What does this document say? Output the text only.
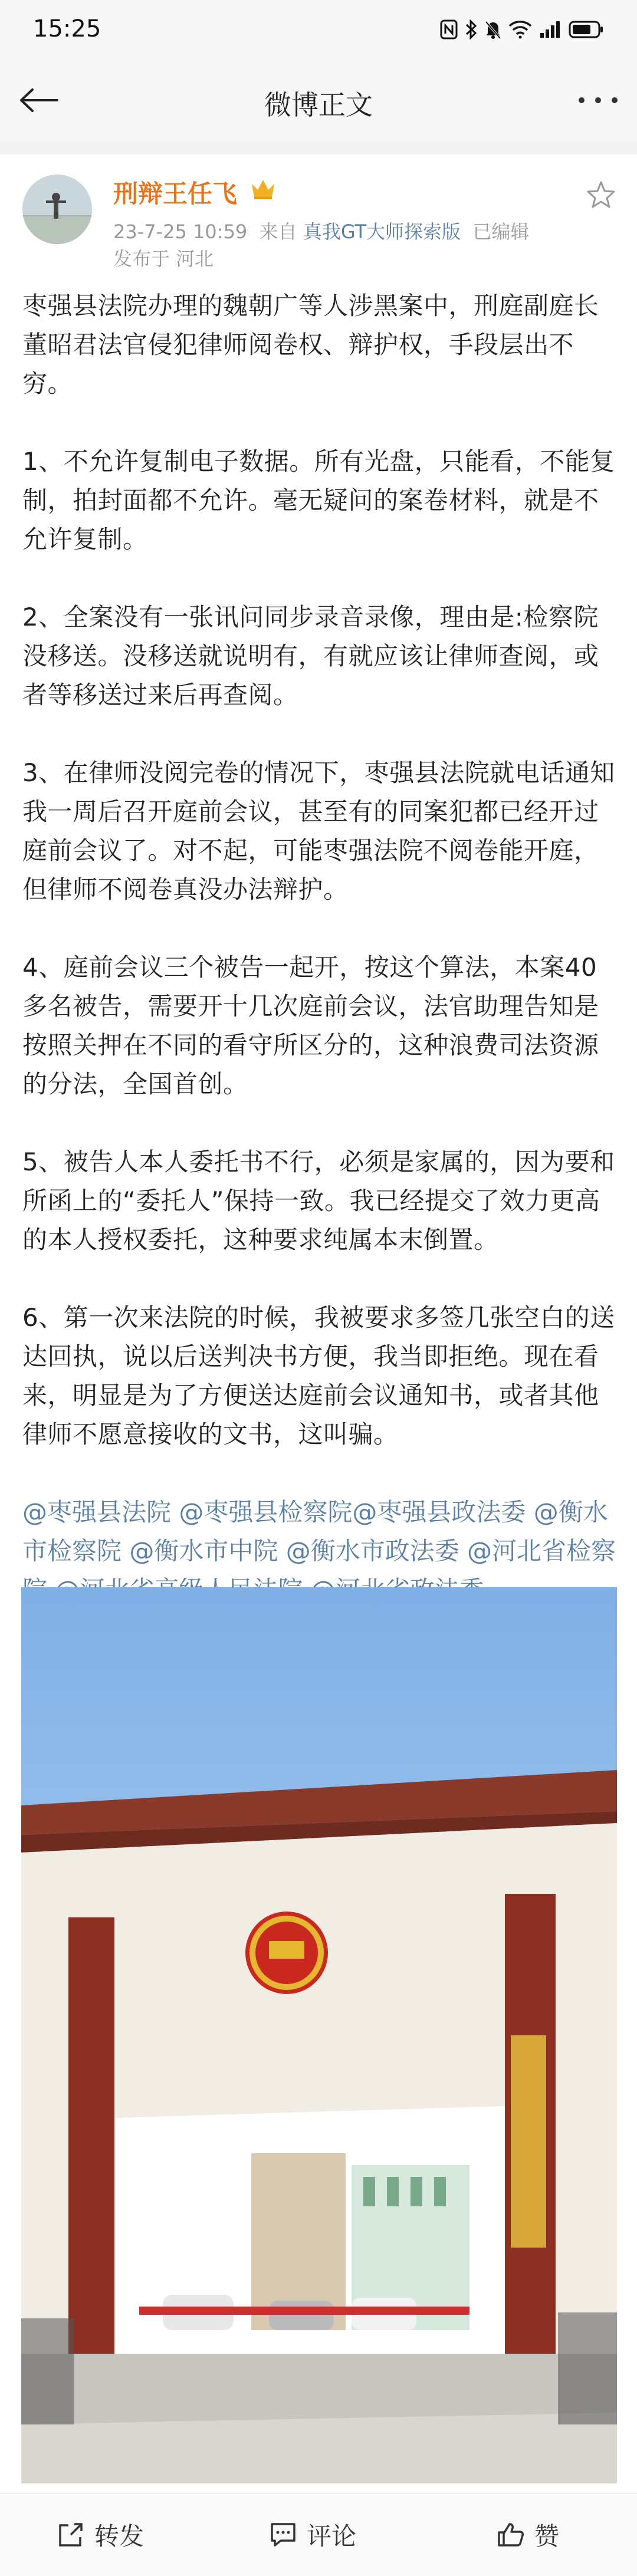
15:25
微博正文
刑辩王任飞
23-7-25 10:59 来自 真我GT大师探索版 已编辑
发布于 河北

枣强县法院办理的魏朝广等人涉黑案中，刑庭副庭长董昭君法官侵犯律师阅卷权、辩护权，手段层出不穷。

1、不允许复制电子数据。所有光盘，只能看，不能复制，拍封面都不允许。毫无疑问的案卷材料，就是不允许复制。

2、全案没有一张讯问同步录音录像，理由是:检察院没移送。没移送就说明有，有就应该让律师查阅，或者等移送过来后再查阅。

3、在律师没阅完卷的情况下，枣强县法院就电话通知我一周后召开庭前会议，甚至有的同案犯都已经开过庭前会议了。对不起，可能枣强法院不阅卷能开庭，但律师不阅卷真没办法辩护。

4、庭前会议三个被告一起开，按这个算法，本案40多名被告，需要开十几次庭前会议，法官助理告知是按照关押在不同的看守所区分的，这种浪费司法资源的分法，全国首创。

5、被告人本人委托书不行，必须是家属的，因为要和所函上的“委托人”保持一致。我已经提交了效力更高的本人授权委托，这种要求纯属本末倒置。

6、第一次来法院的时候，我被要求多签几张空白的送达回执，说以后送判决书方便，我当即拒绝。现在看来，明显是为了方便送达庭前会议通知书，或者其他律师不愿意接收的文书，这叫骗。

@枣强县法院 @枣强县检察院@枣强县政法委 @衡水市检察院 @衡水市中院 @衡水市政法委 @河北省检察

转发	评论	赞
